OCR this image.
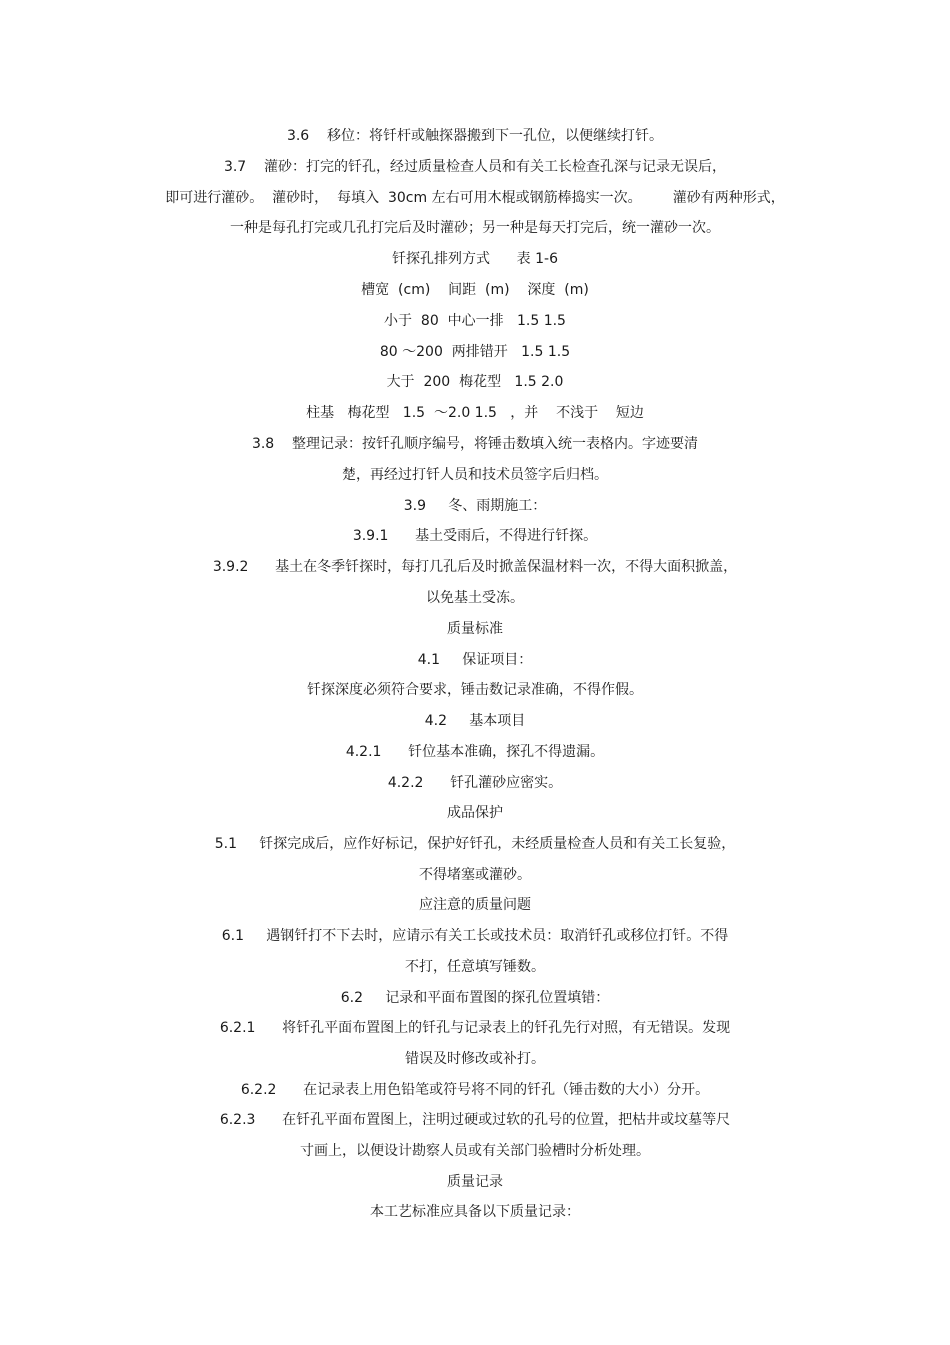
3.6    移位：将钎杆或触探器搬到下一孔位，以便继续打钎。
3.7    灌砂：打完的钎孔，经过质量检查人员和有关工长检查孔深与记录无误后，
即可进行灌砂。  灌砂时，  每填入  30cm 左右可用木棍或钢筋棒捣实一次。       灌砂有两种形式，
一种是每孔打完或几孔打完后及时灌砂；另一种是每天打完后，统一灌砂一次。
钎探孔排列方式      表 1-6
槽宽  (cm)    间距  (m)    深度  (m)
小于  80  中心一排   1.5 1.5
80 ～200  两排错开   1.5 1.5
大于  200  梅花型   1.5 2.0
柱基   梅花型   1.5  ～2.0 1.5   ，并    不浅于    短边
3.8    整理记录：按钎孔顺序编号，将锤击数填入统一表格内。字迹要清
楚，再经过打钎人员和技术员签字后归档。
3.9     冬、雨期施工：
3.9.1      基土受雨后，不得进行钎探。
3.9.2      基土在冬季钎探时，每打几孔后及时掀盖保温材料一次，不得大面积掀盖，
以免基土受冻。
质量标准
4.1     保证项目：
钎探深度必须符合要求，锤击数记录准确，不得作假。
4.2     基本项目
4.2.1      钎位基本准确，探孔不得遗漏。
4.2.2      钎孔灌砂应密实。
成品保护
5.1     钎探完成后，应作好标记，保护好钎孔，未经质量检查人员和有关工长复验，
不得堵塞或灌砂。
应注意的质量问题
6.1     遇钢钎打不下去时，应请示有关工长或技术员：取消钎孔或移位打钎。不得
不打，任意填写锤数。
6.2     记录和平面布置图的探孔位置填错：
6.2.1      将钎孔平面布置图上的钎孔与记录表上的钎孔先行对照，有无错误。发现
错误及时修改或补打。
6.2.2      在记录表上用色铅笔或符号将不同的钎孔（锤击数的大小）分开。
6.2.3      在钎孔平面布置图上，注明过硬或过软的孔号的位置，把枯井或坟墓等尺
寸画上，以便设计勘察人员或有关部门验槽时分析处理。
质量记录
本工艺标准应具备以下质量记录：
